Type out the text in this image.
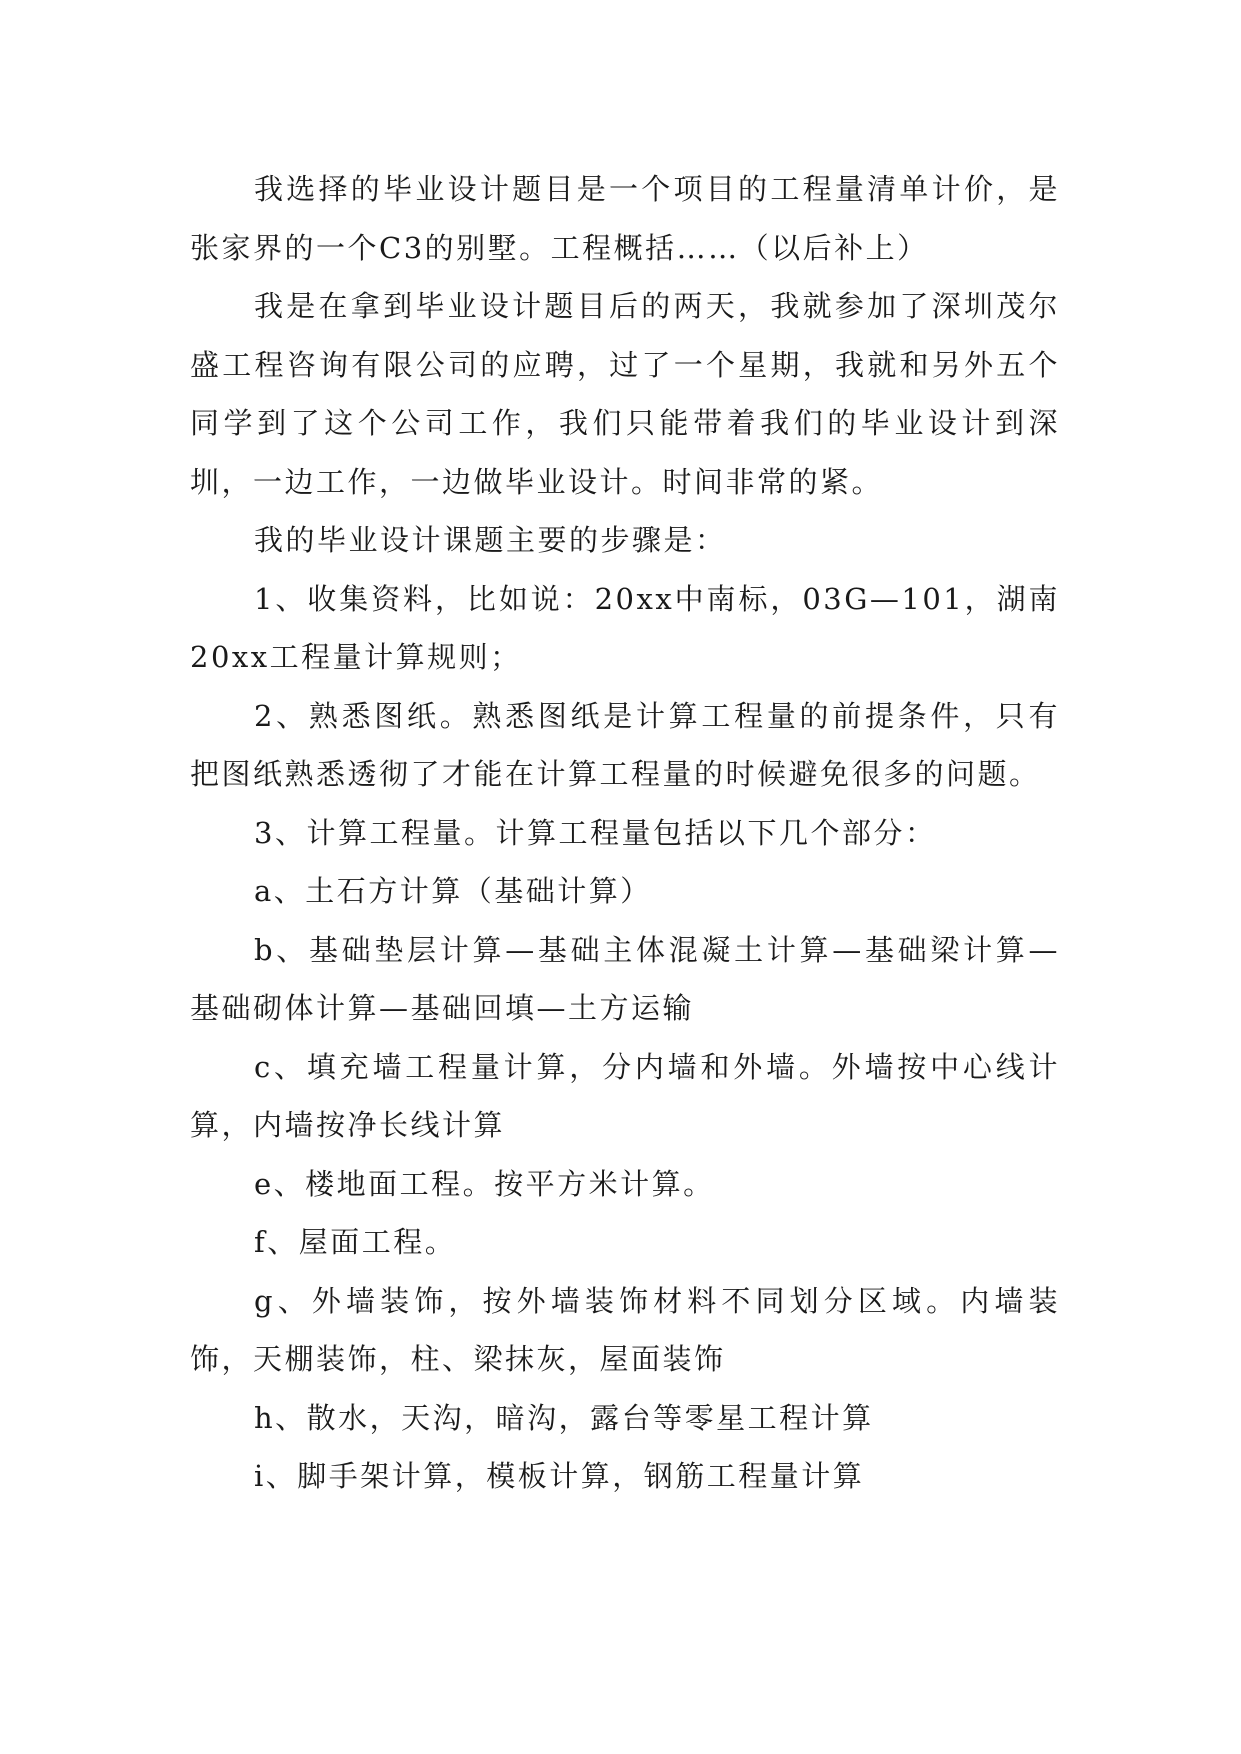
我选择的毕业设计题目是一个项目的工程量清单计价，是张家界的一个C3的别墅。工程概括……（以后补上）

我是在拿到毕业设计题目后的两天，我就参加了深圳茂尔盛工程咨询有限公司的应聘，过了一个星期，我就和另外五个同学到了这个公司工作，我们只能带着我们的毕业设计到深圳，一边工作，一边做毕业设计。时间非常的紧。

我的毕业设计课题主要的步骤是：

1、收集资料，比如说：20xx中南标，03G—101，湖南20xx工程量计算规则；

2、熟悉图纸。熟悉图纸是计算工程量的前提条件，只有把图纸熟悉透彻了才能在计算工程量的时候避免很多的问题。

3、计算工程量。计算工程量包括以下几个部分：

a、土石方计算（基础计算）

b、基础垫层计算—基础主体混凝土计算—基础梁计算—基础砌体计算—基础回填—土方运输

c、填充墙工程量计算，分内墙和外墙。外墙按中心线计算，内墙按净长线计算

e、楼地面工程。按平方米计算。

f、屋面工程。

g、外墙装饰，按外墙装饰材料不同划分区域。内墙装饰，天棚装饰，柱、梁抹灰，屋面装饰

h、散水，天沟，暗沟，露台等零星工程计算

i、脚手架计算，模板计算，钢筋工程量计算
